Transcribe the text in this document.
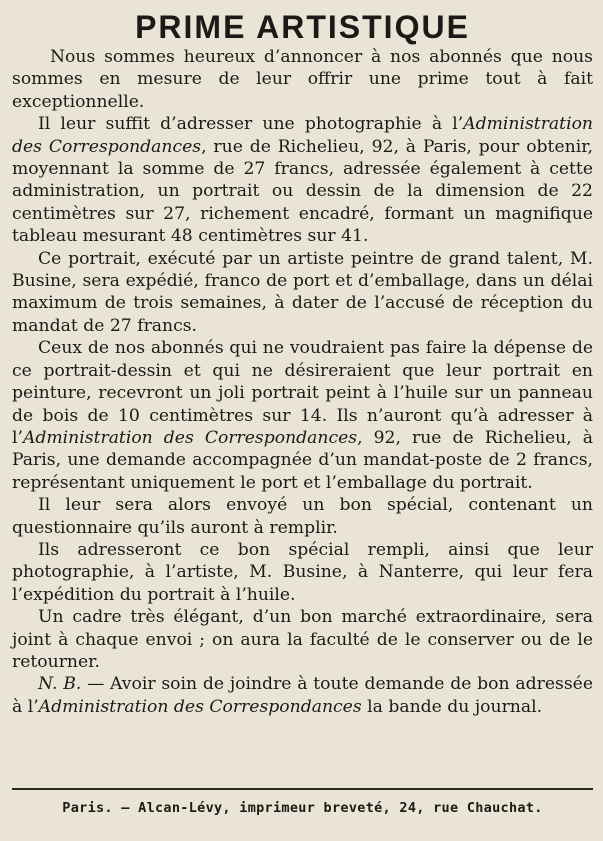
PRIME ARTISTIQUE

Nous sommes heureux d’annoncer à nos abonnés que nous sommes en mesure de leur offrir une prime tout à fait exceptionnelle.

Il leur suffit d’adresser une photographie à l’Administration des Correspondances, rue de Richelieu, 92, à Paris, pour obtenir, moyennant la somme de 27 francs, adressée également à cette administration, un portrait ou dessin de la dimension de 22 centimètres sur 27, richement encadré, formant un magnifique tableau mesurant 48 centimètres sur 41.

Ce portrait, exécuté par un artiste peintre de grand talent, M. Busine, sera expédié, franco de port et d’emballage, dans un délai maximum de trois semaines, à dater de l’accusé de réception du mandat de 27 francs.

Ceux de nos abonnés qui ne voudraient pas faire la dépense de ce portrait-dessin et qui ne désireraient que leur portrait en peinture, recevront un joli portrait peint à l’huile sur un panneau de bois de 10 centimètres sur 14. Ils n’auront qu’à adresser à l’Administration des Correspondances, 92, rue de Richelieu, à Paris, une demande accompagnée d’un mandat-poste de 2 francs, représentant uniquement le port et l’emballage du portrait.

Il leur sera alors envoyé un bon spécial, contenant un questionnaire qu’ils auront à remplir.

Ils adresseront ce bon spécial rempli, ainsi que leur photographie, à l’artiste, M. Busine, à Nanterre, qui leur fera l’expédition du portrait à l’huile.

Un cadre très élégant, d’un bon marché extraordinaire, sera joint à chaque envoi ; on aura la faculté de le conserver ou de le retourner.

N. B. — Avoir soin de joindre à toute demande de bon adressée à l’Administration des Correspondances la bande du journal.

Paris. — Alcan-Lévy, imprimeur breveté, 24, rue Chauchat.
